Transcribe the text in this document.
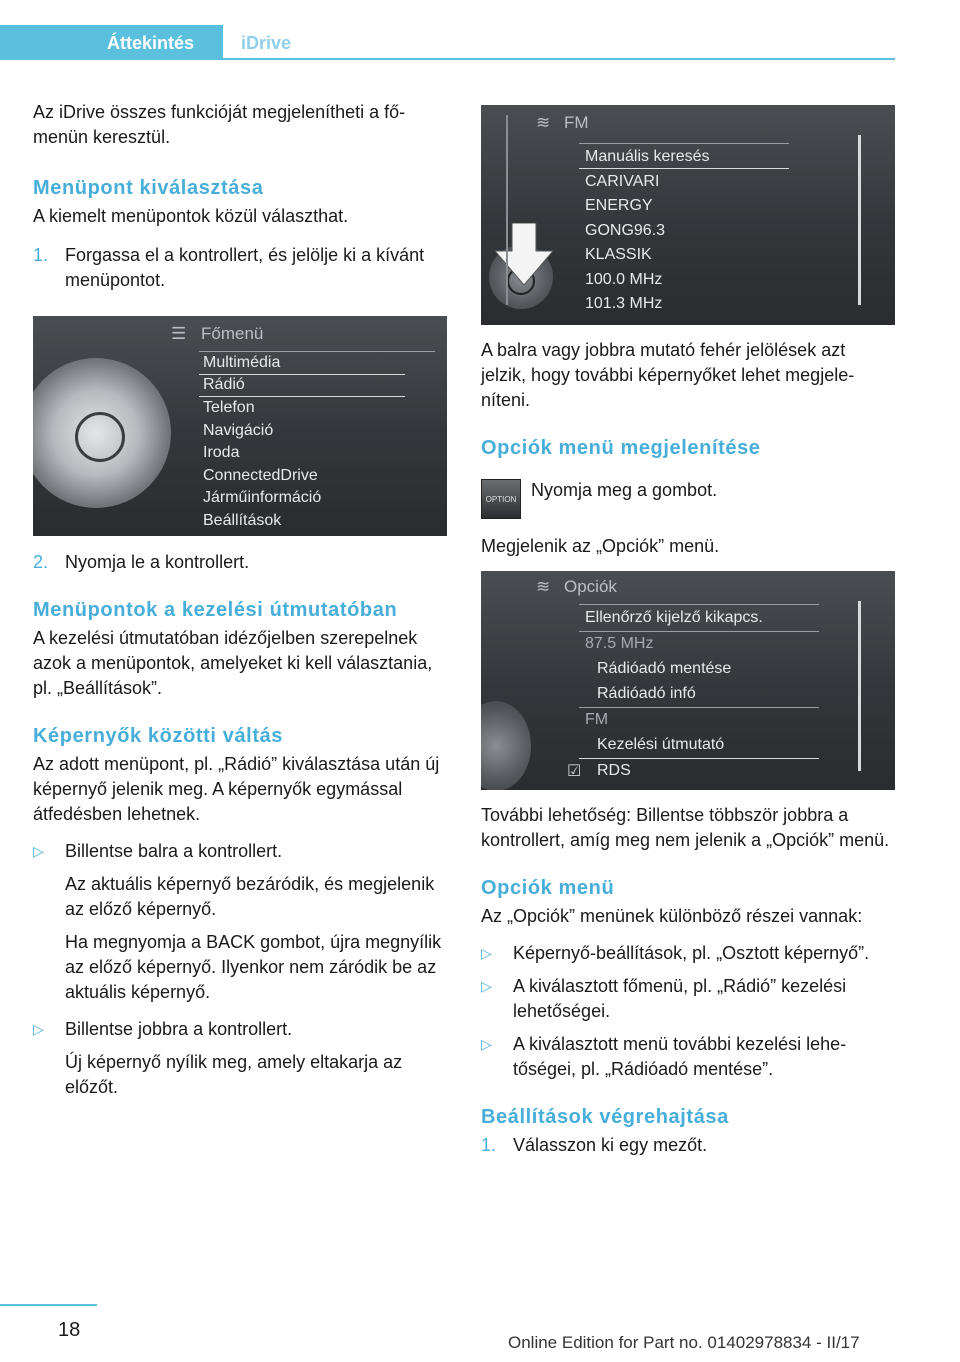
Áttekintés	iDrive

Az iDrive összes funkcióját megjelenítheti a főmenün keresztül.

Menüpont kiválasztása

A kiemelt menüpontok közül választhat.

1. Forgassa el a kontrollert, és jelölje ki a kívánt menüpontot.
☰ Főmenü
Multimédia
Rádió
Telefon
Navigáció
Iroda
ConnectedDrive
Járműinformáció
Beállítások
2. Nyomja le a kontrollert.

Menüpontok a kezelési útmutatóban

A kezelési útmutatóban idézőjelben szerepelnek azok a menüpontok, amelyeket ki kell választania, pl. „Beállítások”.

Képernyők közötti váltás

Az adott menüpont, pl. „Rádió” kiválasztása után új képernyő jelenik meg. A képernyők egymással átfedésben lehetnek.

▷ Billentse balra a kontrollert.

Az aktuális képernyő bezáródik, és megjelenik az előző képernyő.

Ha megnyomja a BACK gombot, újra megnyílik az előző képernyő. Ilyenkor nem záródik be az aktuális képernyő.

▷ Billentse jobbra a kontrollert.

Új képernyő nyílik meg, amely eltakarja az előzőt.

≋ FM
Manuális keresés
CARIVARI
ENERGY
GONG96.3
KLASSIK
100.0 MHz
101.3 MHz

A balra vagy jobbra mutató fehér jelölések azt jelzik, hogy további képernyőket lehet megjeleníteni.

Opciók menü megjelenítése

OPTION Nyomja meg a gombot.

Megjelenik az „Opciók” menü.

≋ Opciók
Ellenőrző kijelző kikapcs.
87.5 MHz
Rádióadó mentése
Rádióadó infó
FM
Kezelési útmutató
☑ RDS

További lehetőség: Billentse többször jobbra a kontrollert, amíg meg nem jelenik a „Opciók” menü.

Opciók menü

Az „Opciók” menünek különböző részei vannak:

▷ Képernyő-beállítások, pl. „Osztott képernyő”.

▷ A kiválasztott főmenü, pl. „Rádió” kezelési lehetőségei.

▷ A kiválasztott menü további kezelési lehetőségei, pl. „Rádióadó mentése”.

Beállítások végrehajtása

1. Válasszon ki egy mezőt.
18
Online Edition for Part no. 01402978834 - II/17
